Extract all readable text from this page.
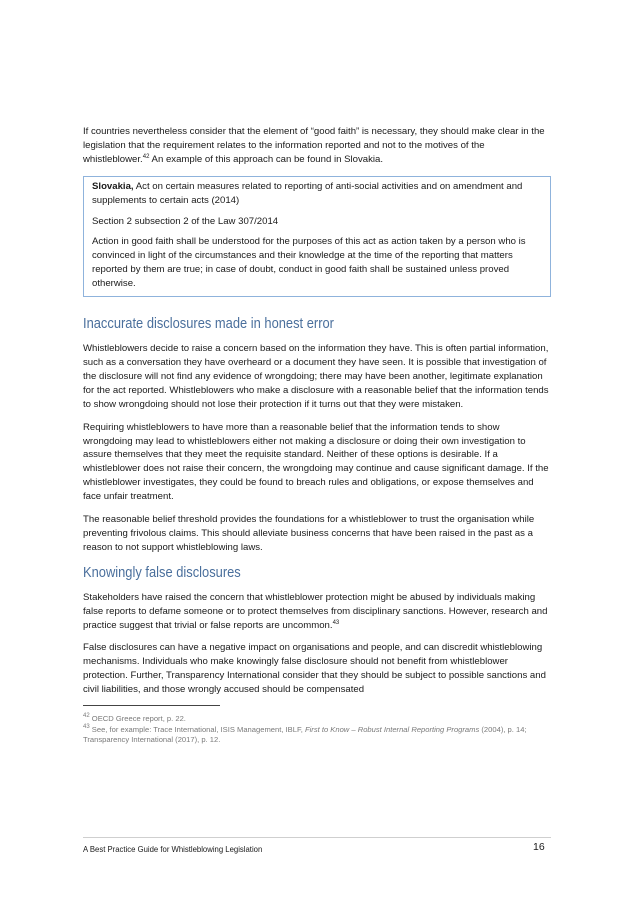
If countries nevertheless consider that the element of “good faith” is necessary, they should make clear in the legislation that the requirement relates to the information reported and not to the motives of the whistleblower.$^{42}$ An example of this approach can be found in Slovakia.

Slovakia, Act on certain measures related to reporting of anti-social activities and on amendment and supplements to certain acts (2014)

Section 2 subsection 2 of the Law 307/2014

Action in good faith shall be understood for the purposes of this act as action taken by a person who is convinced in light of the circumstances and their knowledge at the time of the reporting that matters reported by them are true; in case of doubt, conduct in good faith shall be sustained unless proved otherwise.

Inaccurate disclosures made in honest error

Whistleblowers decide to raise a concern based on the information they have. This is often partial information, such as a conversation they have overheard or a document they have seen. It is possible that investigation of the disclosure will not find any evidence of wrongdoing; there may have been another, legitimate explanation for the act reported. Whistleblowers who make a disclosure with a reasonable belief that the information tends to show wrongdoing should not lose their protection if it turns out that they were mistaken.

Requiring whistleblowers to have more than a reasonable belief that the information tends to show wrongdoing may lead to whistleblowers either not making a disclosure or doing their own investigation to assure themselves that they meet the requisite standard. Neither of these options is desirable. If a whistleblower does not raise their concern, the wrongdoing may continue and cause significant damage. If the whistleblower investigates, they could be found to breach rules and obligations, or expose themselves and face unfair treatment.

The reasonable belief threshold provides the foundations for a whistleblower to trust the organisation while preventing frivolous claims. This should alleviate business concerns that have been raised in the past as a reason to not support whistleblowing laws.

Knowingly false disclosures

Stakeholders have raised the concern that whistleblower protection might be abused by individuals making false reports to defame someone or to protect themselves from disciplinary sanctions. However, research and practice suggest that trivial or false reports are uncommon.$^{43}$

False disclosures can have a negative impact on organisations and people, and can discredit whistleblowing mechanisms. Individuals who make knowingly false disclosure should not benefit from whistleblower protection. Further, Transparency International consider that they should be subject to possible sanctions and civil liabilities, and those wrongly accused should be compensated

$^{42}$ OECD Greece report, p. 22.

$^{43}$ See, for example: Trace International, ISIS Management, IBLF, First to Know – Robust Internal Reporting Programs (2004), p. 14; Transparency International (2017), p. 12.

A Best Practice Guide for Whistleblowing Legislation	16
